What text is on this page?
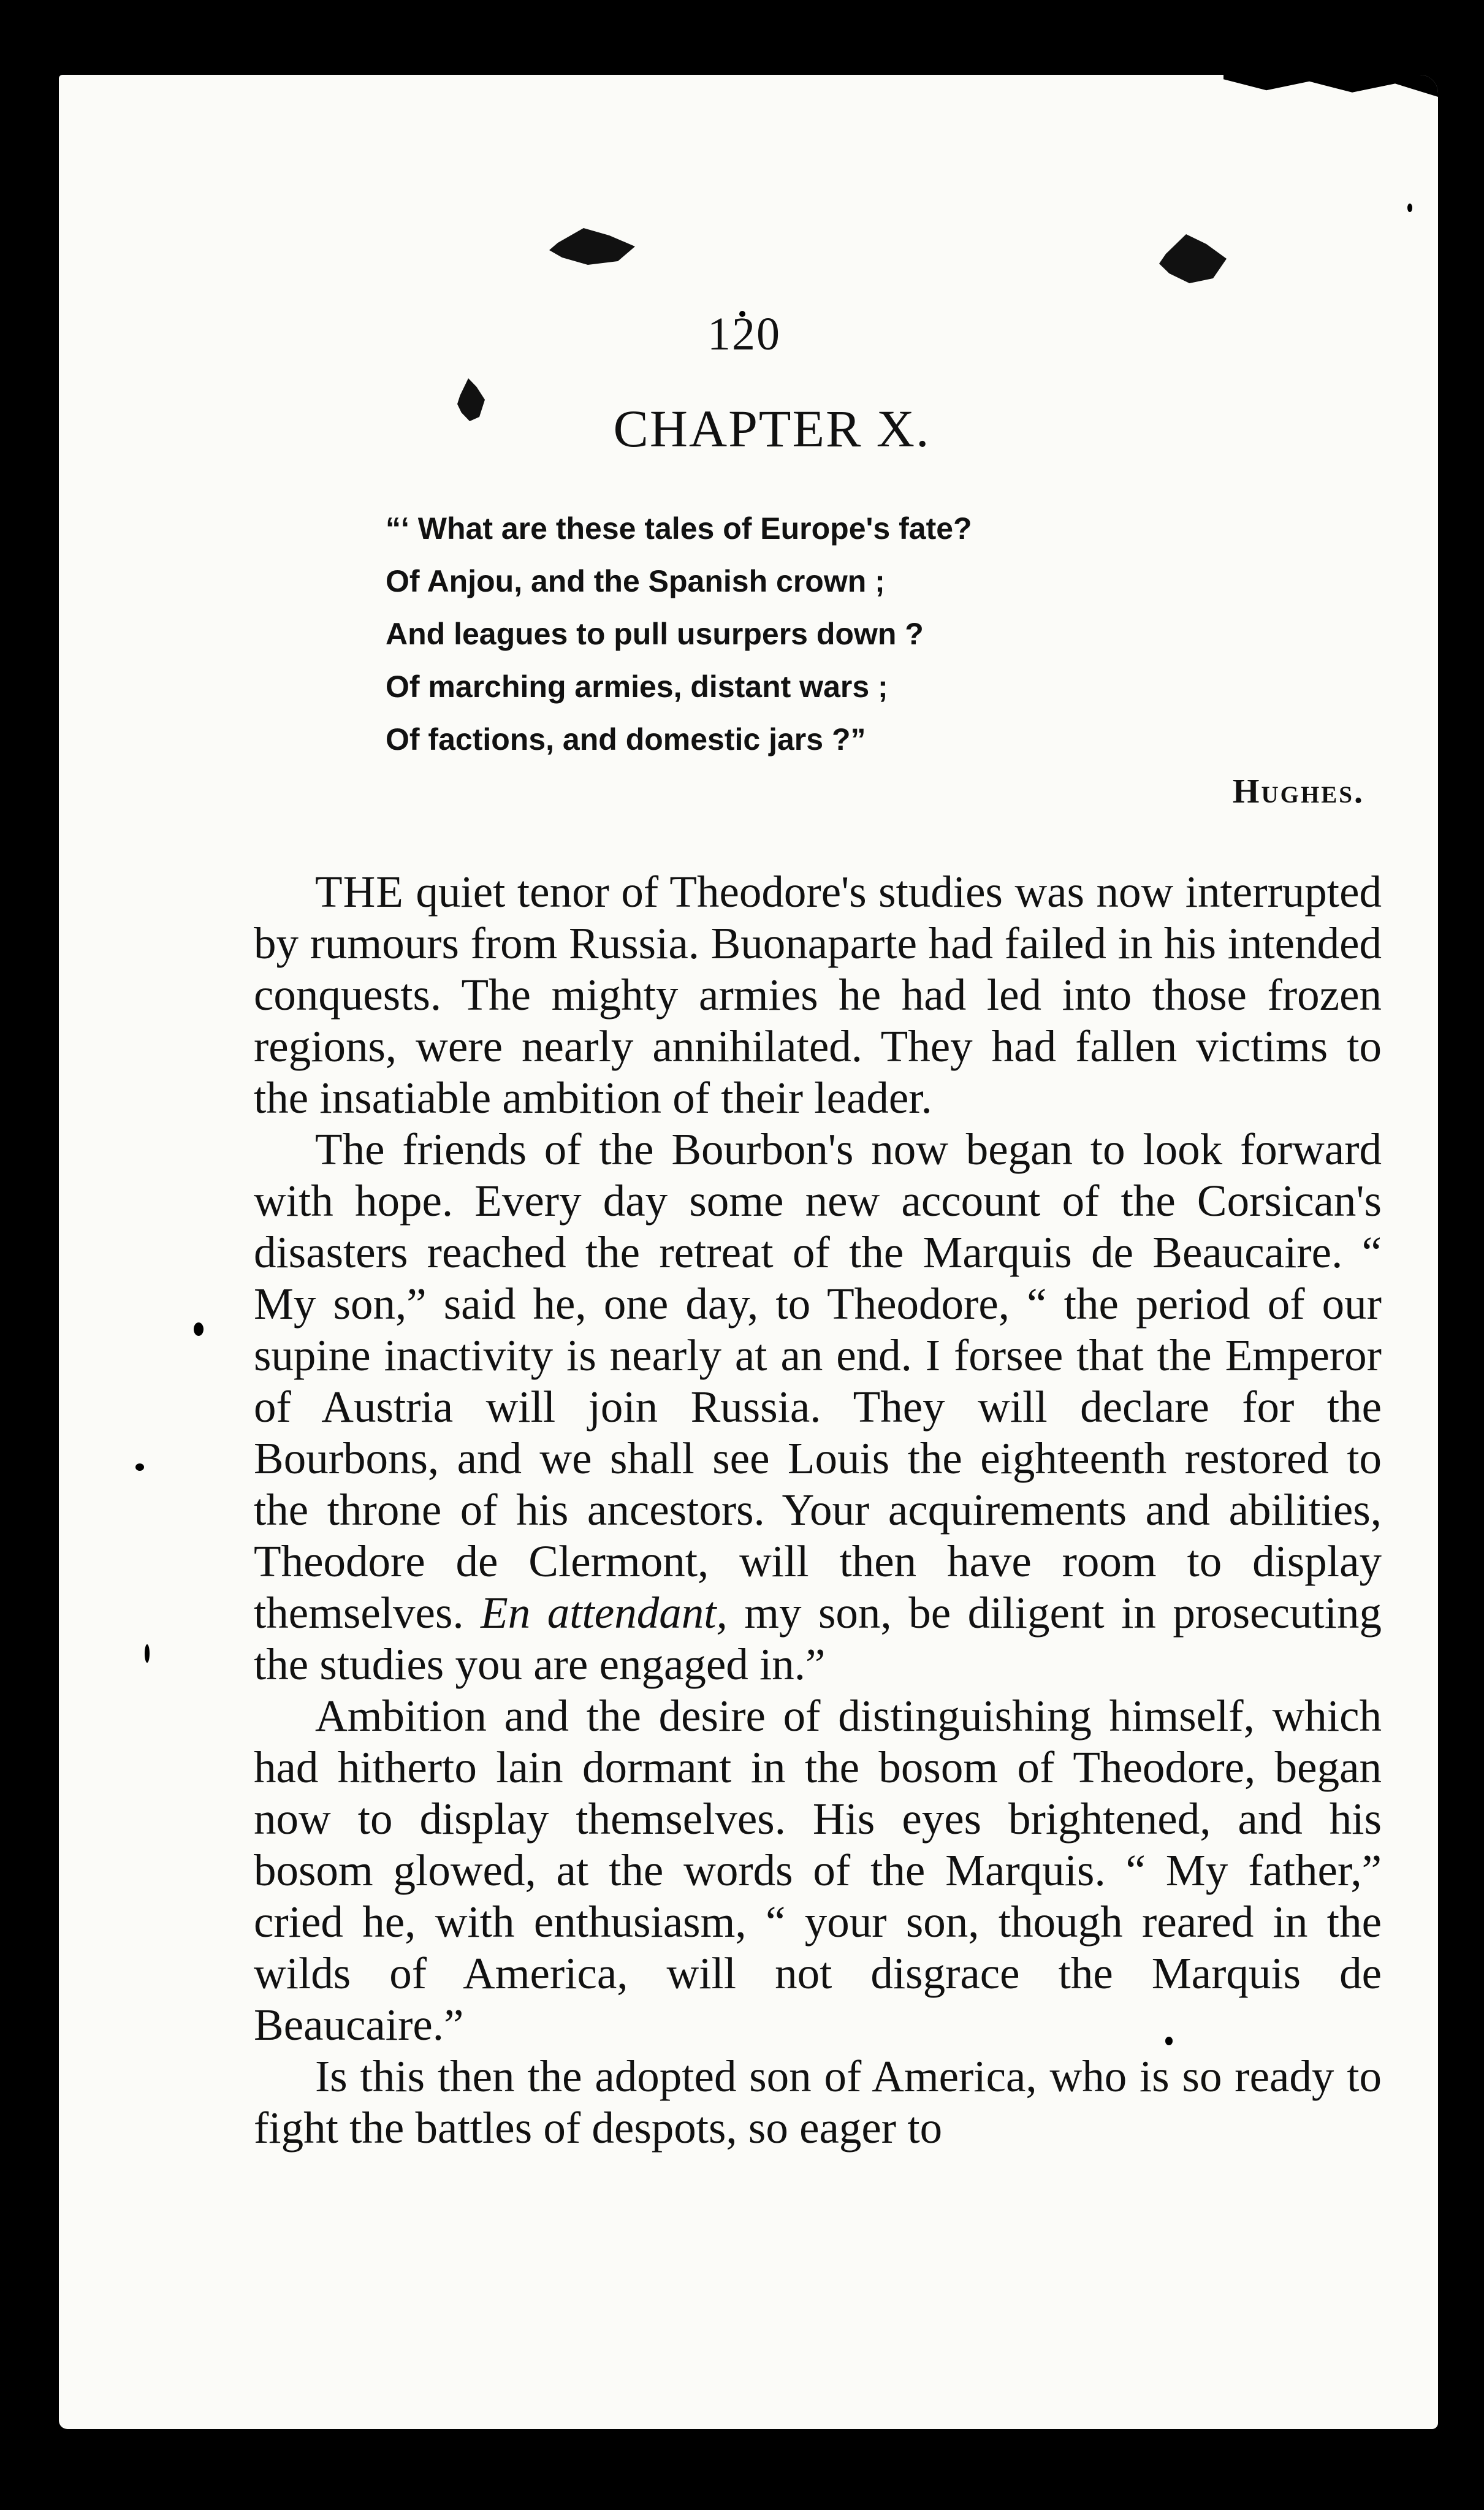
120
CHAPTER X.
“‘ What are these tales of Europe's fate?
Of Anjou, and the Spanish crown ;
And leagues to pull usurpers down ?
Of marching armies, distant wars ;
Of factions, and domestic jars ?”
Hughes.

THE quiet tenor of Theodore's studies was now interrupted by rumours from Russia. Buonaparte had failed in his intended conquests. The mighty armies he had led into those frozen regions, were nearly annihilated. They had fallen victims to the insatiable ambition of their leader.

The friends of the Bourbon's now began to look forward with hope. Every day some new account of the Corsican's disasters reached the retreat of the Marquis de Beaucaire. “ My son,” said he, one day, to Theodore, “ the period of our supine inactivity is nearly at an end. I forsee that the Emperor of Austria will join Russia. They will declare for the Bourbons, and we shall see Louis the eighteenth restored to the throne of his ancestors. Your acquirements and abilities, Theodore de Clermont, will then have room to display themselves. En attendant, my son, be diligent in prosecuting the studies you are engaged in.”

Ambition and the desire of distinguishing himself, which had hitherto lain dormant in the bosom of Theodore, began now to display themselves. His eyes brightened, and his bosom glowed, at the words of the Marquis. “ My father,” cried he, with enthusiasm, “ your son, though reared in the wilds of America, will not disgrace the Marquis de Beaucaire.”

Is this then the adopted son of America, who is so ready to fight the battles of despots, so eager to
